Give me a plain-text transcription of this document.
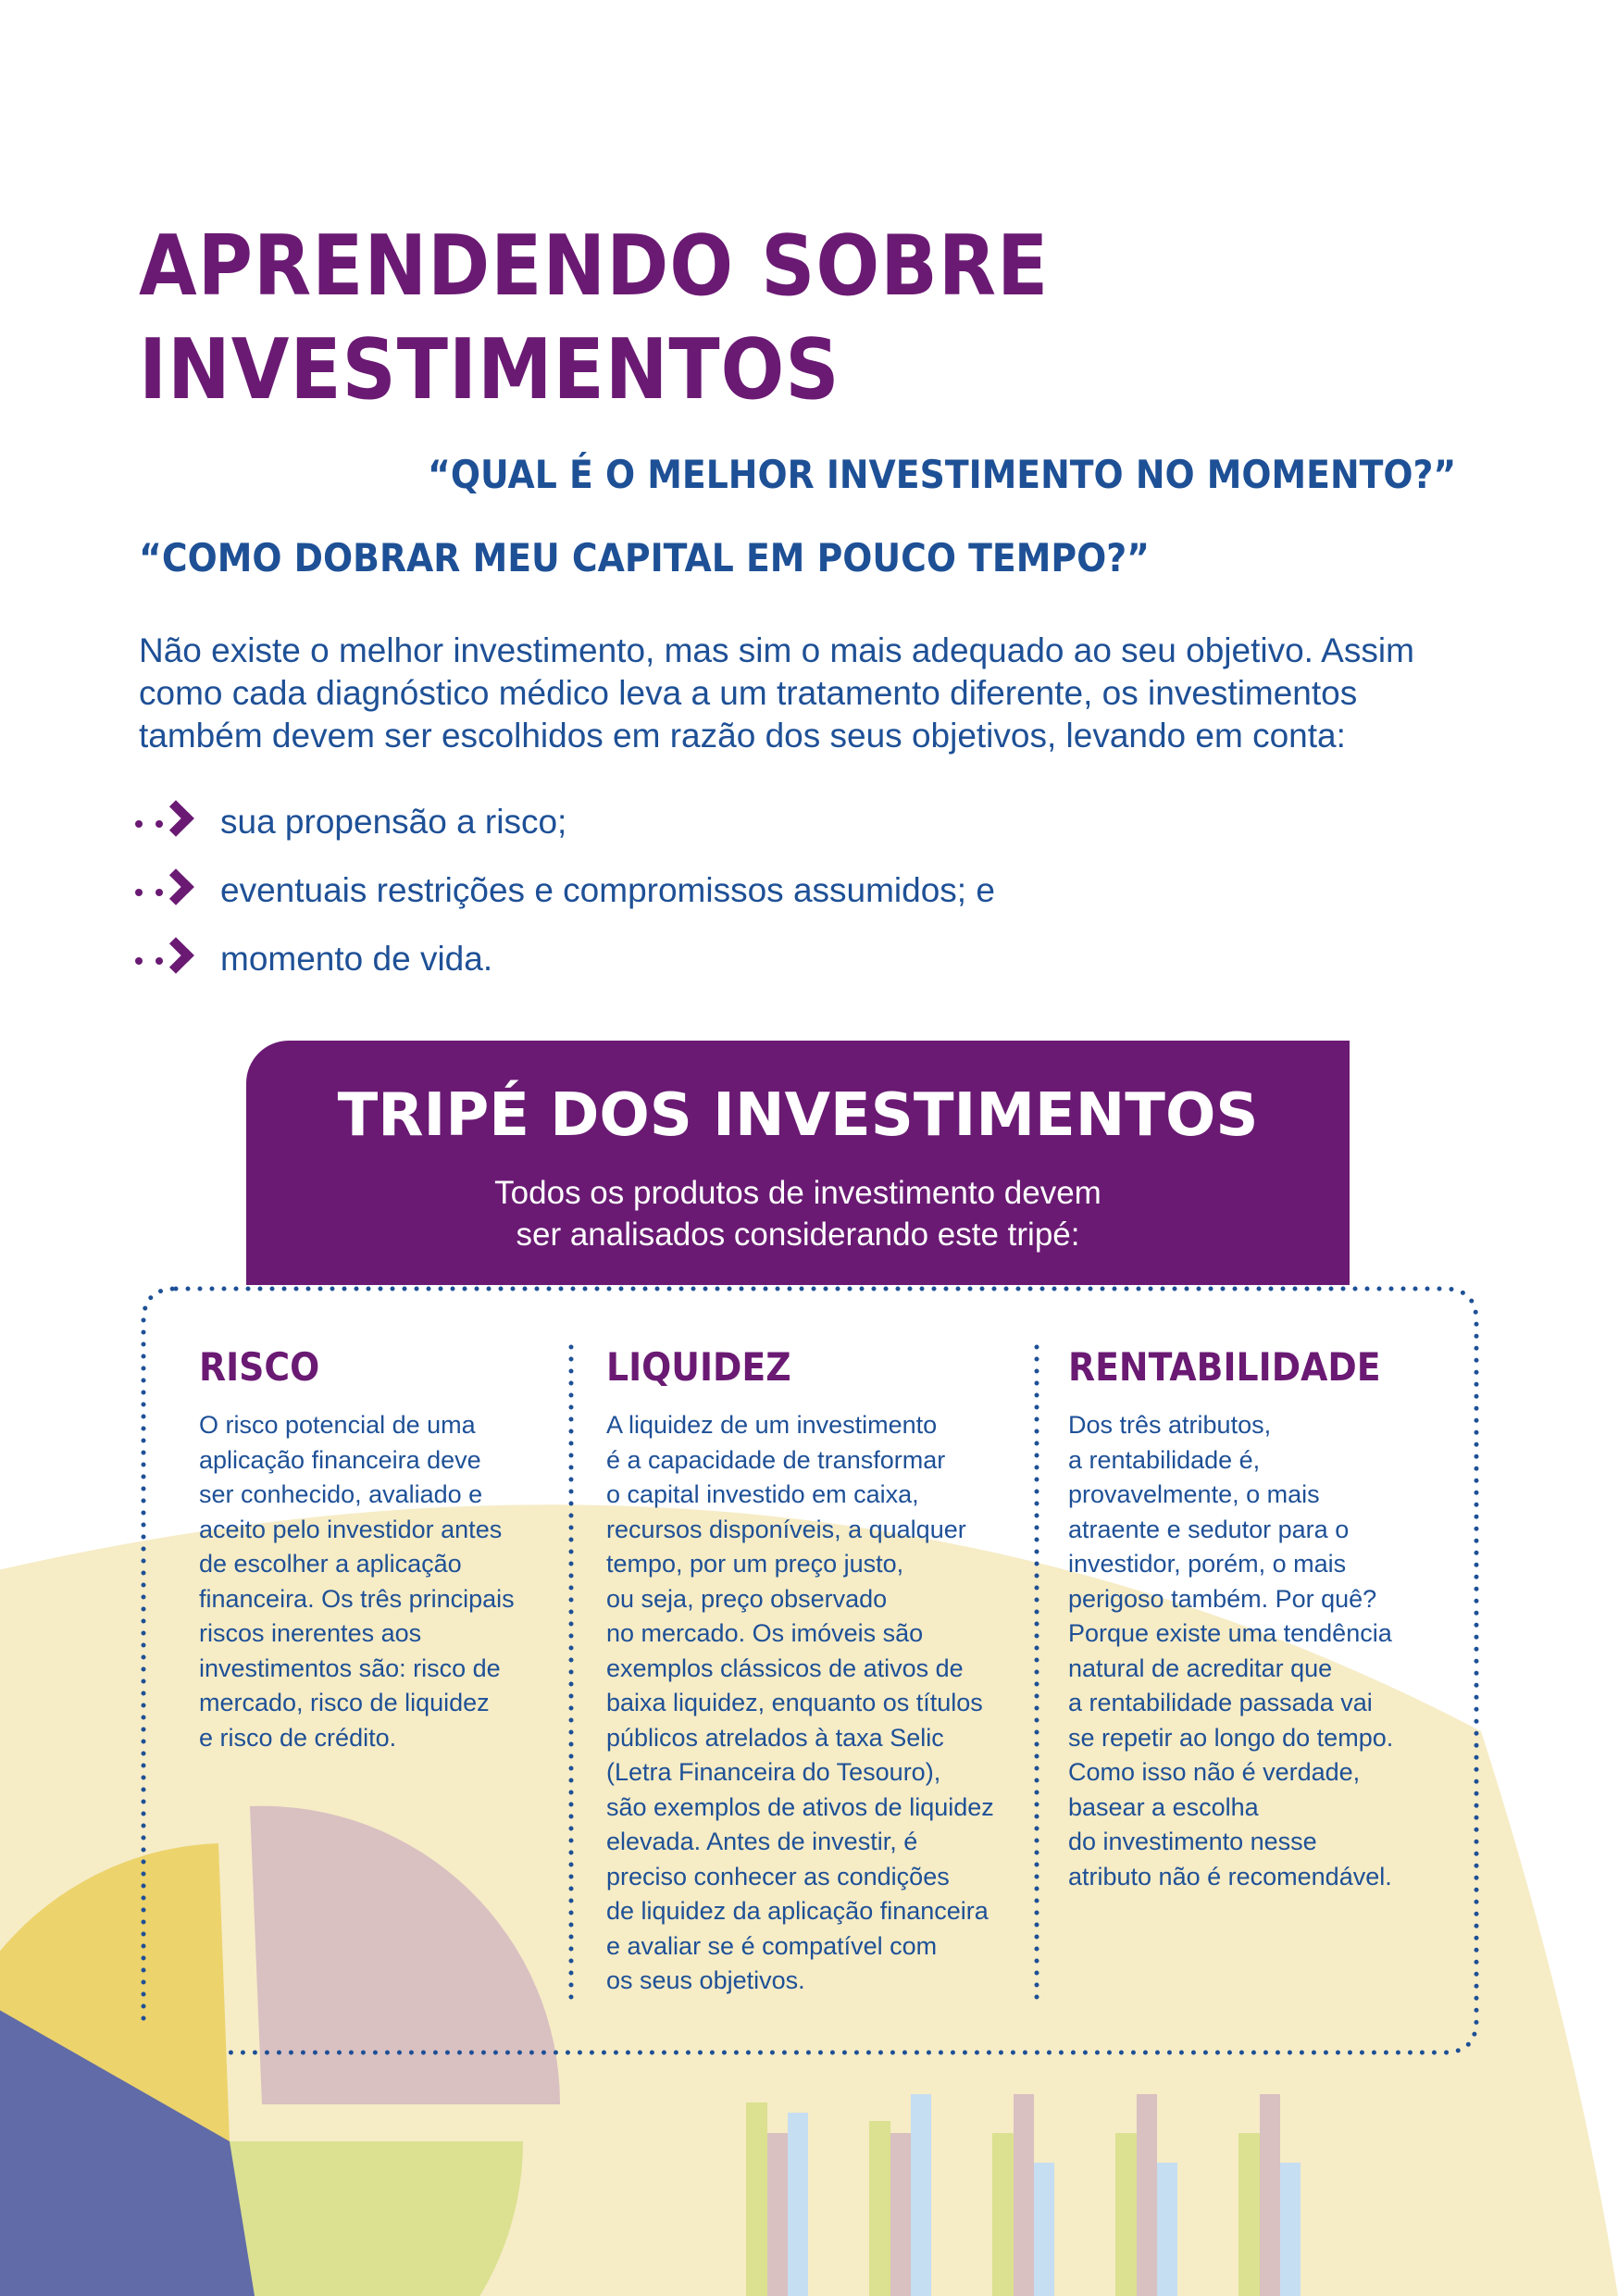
APRENDENDO SOBRE
INVESTIMENTOS

“QUAL É O MELHOR INVESTIMENTO NO MOMENTO?”

“COMO DOBRAR MEU CAPITAL EM POUCO TEMPO?”

Não existe o melhor investimento, mas sim o mais adequado ao seu objetivo. Assim como cada diagnóstico médico leva a um tratamento diferente, os investimentos também devem ser escolhidos em razão dos seus objetivos, levando em conta:

sua propensão a risco;
eventuais restrições e compromissos assumidos; e
momento de vida.
TRIPÉ DOS INVESTIMENTOS

Todos os produtos de investimento devem
ser analisados considerando este tripé:

RISCO

O risco potencial de uma
aplicação financeira deve
ser conhecido, avaliado e
aceito pelo investidor antes
de escolher a aplicação
financeira. Os três principais
riscos inerentes aos
investimentos são: risco de
mercado, risco de liquidez
e risco de crédito.

LIQUIDEZ

A liquidez de um investimento
é a capacidade de transformar
o capital investido em caixa,
recursos disponíveis, a qualquer
tempo, por um preço justo,
ou seja, preço observado
no mercado. Os imóveis são
exemplos clássicos de ativos de
baixa liquidez, enquanto os títulos
públicos atrelados à taxa Selic
(Letra Financeira do Tesouro),
são exemplos de ativos de liquidez
elevada. Antes de investir, é
preciso conhecer as condições
de liquidez da aplicação financeira
e avaliar se é compatível com
os seus objetivos.

RENTABILIDADE

Dos três atributos,
a rentabilidade é,
provavelmente, o mais
atraente e sedutor para o
investidor, porém, o mais
perigoso também. Por quê?
Porque existe uma tendência
natural de acreditar que
a rentabilidade passada vai
se repetir ao longo do tempo.
Como isso não é verdade,
basear a escolha
do investimento nesse
atributo não é recomendável.
